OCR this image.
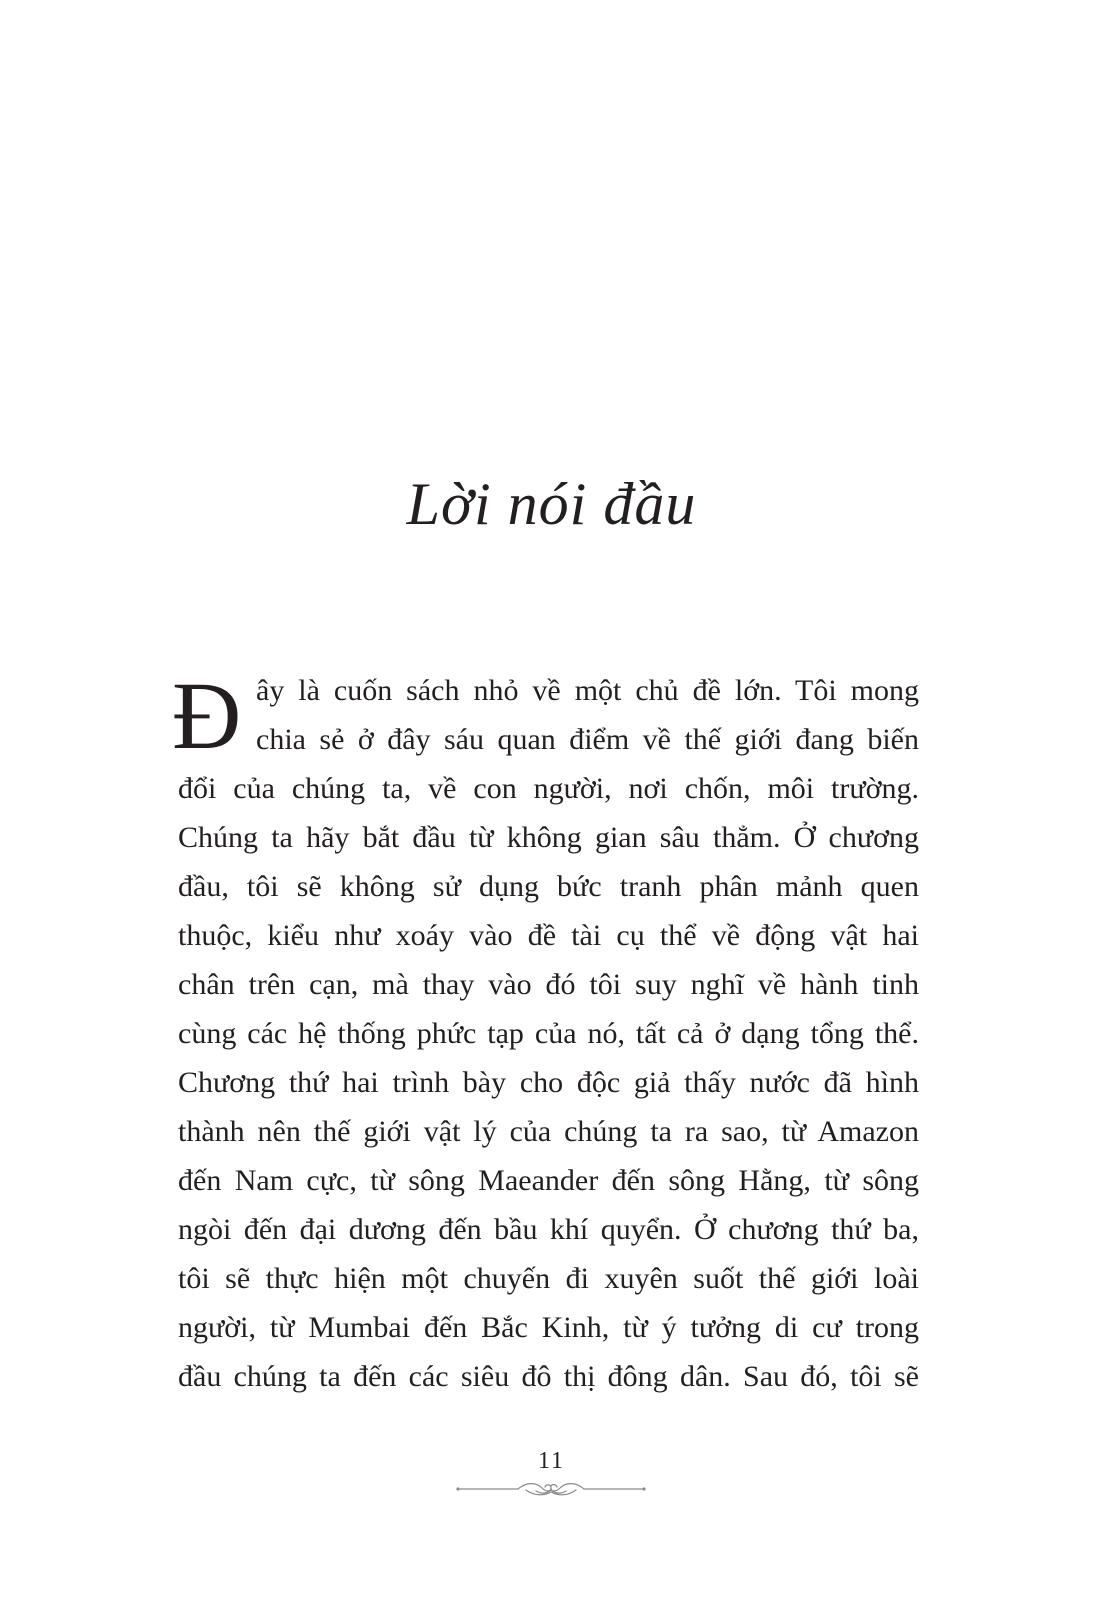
Lời nói đầu
Đ ây là cuốn sách nhỏ về một chủ đề lớn. Tôi mong
chia sẻ ở đây sáu quan điểm về thế giới đang biến
đổi của chúng ta, về con người, nơi chốn, môi trường.
Chúng ta hãy bắt đầu từ không gian sâu thẳm. Ở chương
đầu, tôi sẽ không sử dụng bức tranh phân mảnh quen
thuộc, kiểu như xoáy vào đề tài cụ thể về động vật hai
chân trên cạn, mà thay vào đó tôi suy nghĩ về hành tinh
cùng các hệ thống phức tạp của nó, tất cả ở dạng tổng thể.
Chương thứ hai trình bày cho độc giả thấy nước đã hình
thành nên thế giới vật lý của chúng ta ra sao, từ Amazon
đến Nam cực, từ sông Maeander đến sông Hằng, từ sông
ngòi đến đại dương đến bầu khí quyển. Ở chương thứ ba,
tôi sẽ thực hiện một chuyến đi xuyên suốt thế giới loài
người, từ Mumbai đến Bắc Kinh, từ ý tưởng di cư trong
đầu chúng ta đến các siêu đô thị đông dân. Sau đó, tôi sẽ
11
